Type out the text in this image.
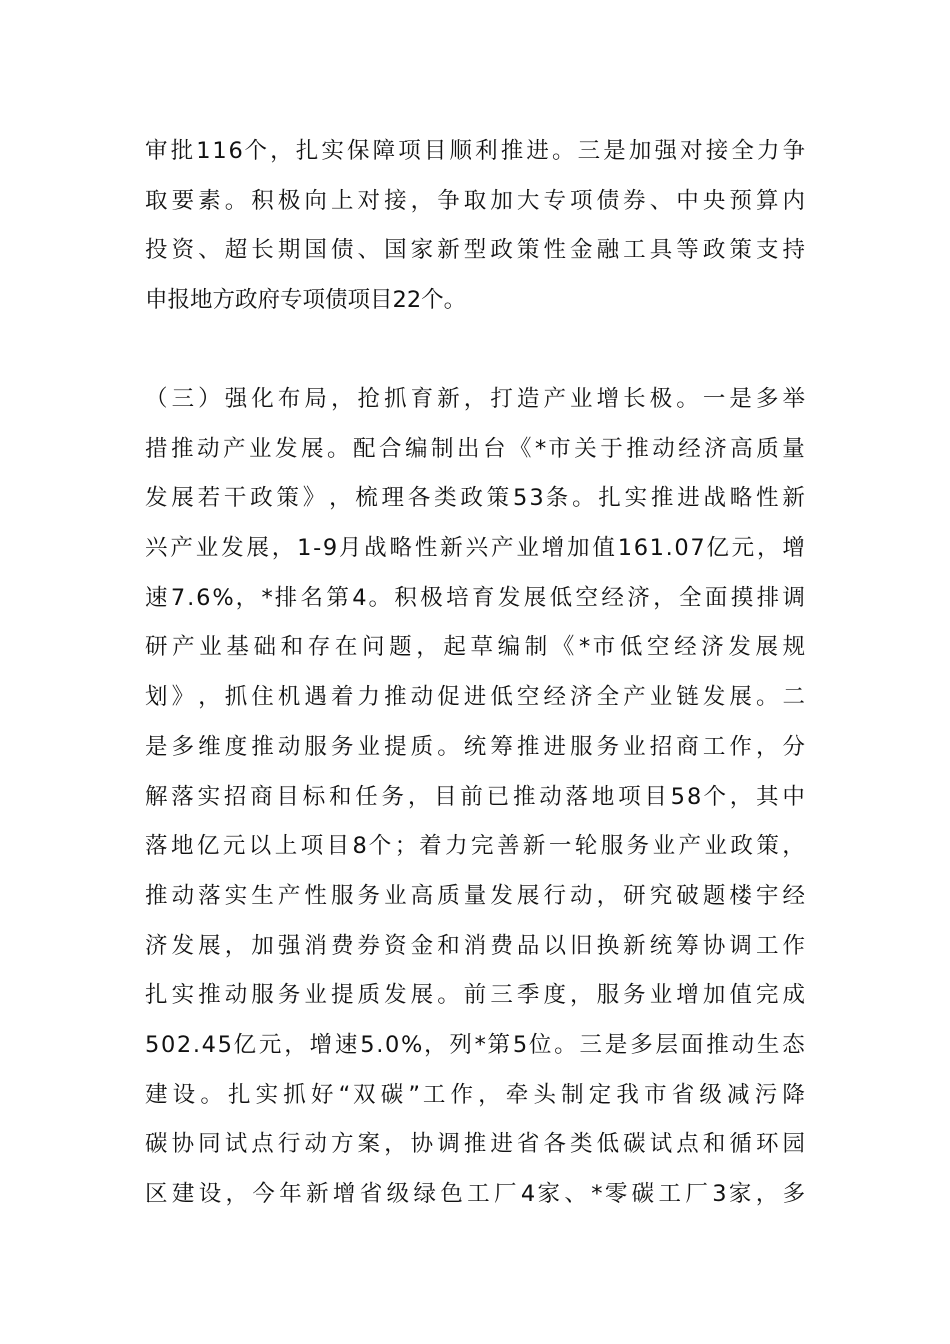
审 批 1 1 6 个 ， 扎 实 保 障 项 目 顺 利 推 进 。 三 是 加 强 对 接 全 力 争
取 要 素 。 积 极 向 上 对 接 ， 争 取 加 大 专 项 债 券 、 中 央 预 算 内
投 资 、 超 长 期 国 债 、 国 家 新 型 政 策 性 金 融 工 具 等 政 策 支 持
申报地方政府专项债项目22个。
（ 三 ） 强 化 布 局 ， 抢 抓 育 新 ， 打 造 产 业 增 长 极 。 一 是 多 举
措 推 动 产 业 发 展 。 配 合 编 制 出 台 《 * 市 关 于 推 动 经 济 高 质 量
发 展 若 干 政 策 》 ， 梳 理 各 类 政 策 5 3 条 。 扎 实 推 进 战 略 性 新
兴 产 业 发 展 ， 1 - 9 月 战 略 性 新 兴 产 业 增 加 值 1 6 1 . 0 7 亿 元 ， 增
速 7 . 6 % ， * 排 名 第 4 。 积 极 培 育 发 展 低 空 经 济 ， 全 面 摸 排 调
研 产 业 基 础 和 存 在 问 题 ， 起 草 编 制 《 * 市 低 空 经 济 发 展 规
划 》 ， 抓 住 机 遇 着 力 推 动 促 进 低 空 经 济 全 产 业 链 发 展 。 二
是 多 维 度 推 动 服 务 业 提 质 。 统 筹 推 进 服 务 业 招 商 工 作 ， 分
解 落 实 招 商 目 标 和 任 务 ， 目 前 已 推 动 落 地 项 目 5 8 个 ， 其 中
落 地 亿 元 以 上 项 目 8 个 ； 着 力 完 善 新 一 轮 服 务 业 产 业 政 策 ，
推 动 落 实 生 产 性 服 务 业 高 质 量 发 展 行 动 ， 研 究 破 题 楼 宇 经
济 发 展 ， 加 强 消 费 券 资 金 和 消 费 品 以 旧 换 新 统 筹 协 调 工 作
扎 实 推 动 服 务 业 提 质 发 展 。 前 三 季 度 ， 服 务 业 增 加 值 完 成
5 0 2 . 4 5 亿 元 ， 增 速 5 . 0 % ， 列 * 第 5 位 。 三 是 多 层 面 推 动 生 态
建 设 。 扎 实 抓 好 “ 双 碳 ” 工 作 ， 牵 头 制 定 我 市 省 级 减 污 降
碳 协 同 试 点 行 动 方 案 ， 协 调 推 进 省 各 类 低 碳 试 点 和 循 环 园
区 建 设 ， 今 年 新 增 省 级 绿 色 工 厂 4 家 、 * 零 碳 工 厂 3 家 ， 多
